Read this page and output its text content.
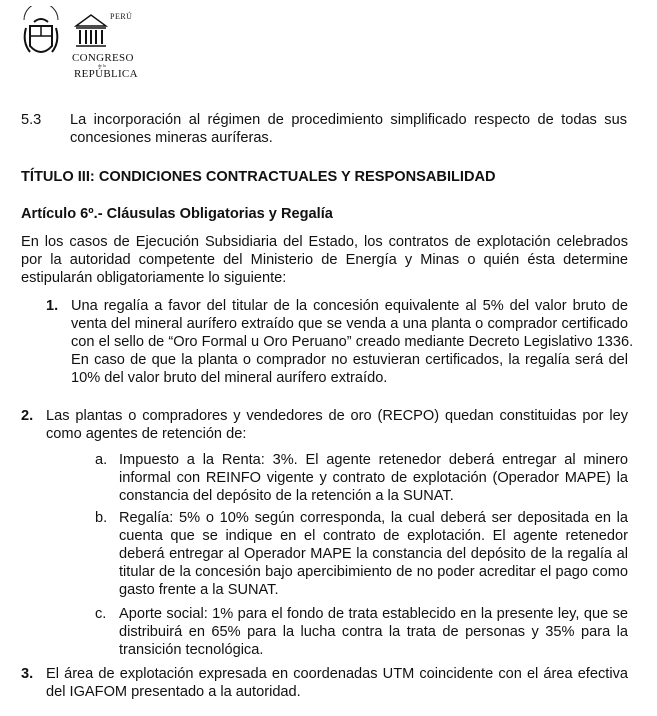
PERÚ
CONGRESO
de la
REPÚBLICA
5.3 La incorporación al régimen de procedimiento simplificado respecto de todas sus
concesiones mineras auríferas.
TÍTULO III: CONDICIONES CONTRACTUALES Y RESPONSABILIDAD
Artículo 6º.- Cláusulas Obligatorias y Regalía
En los casos de Ejecución Subsidiaria del Estado, los contratos de explotación celebrados
por la autoridad competente del Ministerio de Energía y Minas o quién ésta determine
estipularán obligatoriamente lo siguiente:
1. Una regalía a favor del titular de la concesión equivalente al 5% del valor bruto de
venta del mineral aurífero extraído que se venda a una planta o comprador certificado
con el sello de “Oro Formal u Oro Peruano” creado mediante Decreto Legislativo 1336.
En caso de que la planta o comprador no estuvieran certificados, la regalía será del
10% del valor bruto del mineral aurífero extraído.
2. Las plantas o compradores y vendedores de oro (RECPO) quedan constituidas por ley
como agentes de retención de:
a. Impuesto a la Renta: 3%. El agente retenedor deberá entregar al minero
informal con REINFO vigente y contrato de explotación (Operador MAPE) la
constancia del depósito de la retención a la SUNAT.
b. Regalía: 5% o 10% según corresponda, la cual deberá ser depositada en la
cuenta que se indique en el contrato de explotación. El agente retenedor
deberá entregar al Operador MAPE la constancia del depósito de la regalía al
titular de la concesión bajo apercibimiento de no poder acreditar el pago como
gasto frente a la SUNAT.
c. Aporte social: 1% para el fondo de trata establecido en la presente ley, que se
distribuirá en 65% para la lucha contra la trata de personas y 35% para la
transición tecnológica.
3. El área de explotación expresada en coordenadas UTM coincidente con el área efectiva
del IGAFOM presentado a la autoridad.
